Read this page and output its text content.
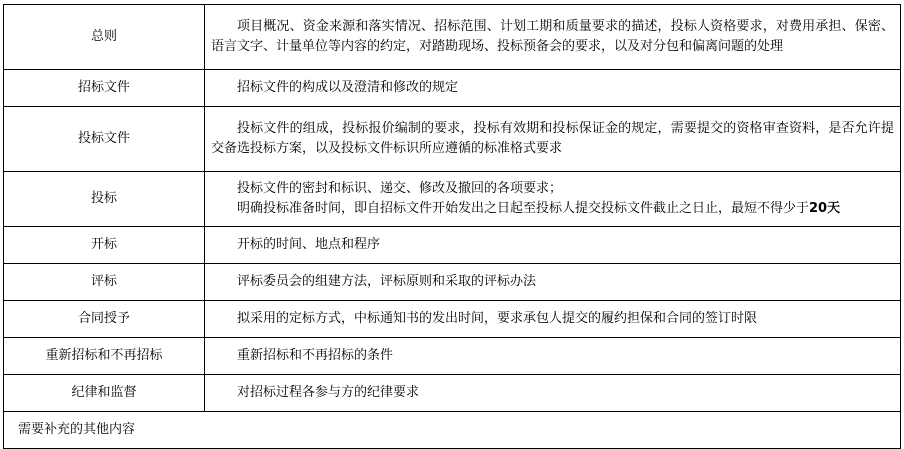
总则	项目概况、资金来源和落实情况、招标范围、计划工期和质量要求的描述，投标人资格要求，对费用承担、保密、语言文字、计量单位等内容的约定，对踏勘现场、投标预备会的要求，以及对分包和偏离问题的处理
招标文件	招标文件的构成以及澄清和修改的规定
投标文件	投标文件的组成，投标报价编制的要求，投标有效期和投标保证金的规定，需要提交的资格审查资料，是否允许提交备选投标方案，以及投标文件标识所应遵循的标准格式要求
投标	投标文件的密封和标识、递交、修改及撤回的各项要求；
明确投标准备时间，即自招标文件开始发出之日起至投标人提交投标文件截止之日止，最短不得少于20天

开标	开标的时间、地点和程序
评标	评标委员会的组建方法，评标原则和采取的评标办法
合同授予	拟采用的定标方式，中标通知书的发出时间，要求承包人提交的履约担保和合同的签订时限
重新招标和不再招标	重新招标和不再招标的条件
纪律和监督	对招标过程各参与方的纪律要求
需要补充的其他内容	
